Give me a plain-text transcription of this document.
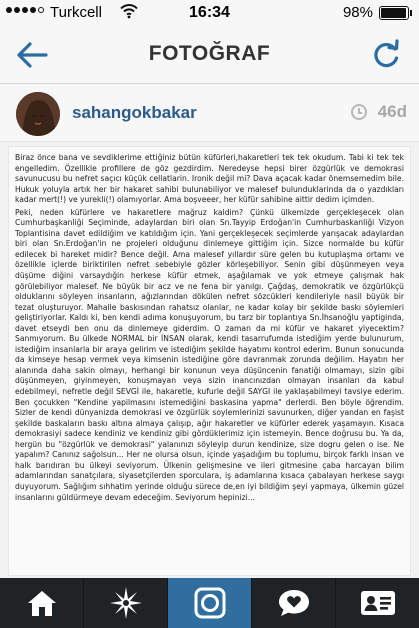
Turkcell	16:34	98%
FOTOĞRAF
sahangokbakar	46d

Biraz önce bana ve sevdiklerime ettiğiniz bütün küfürleri,hakaretleri tek tek okudum. Tabi ki tek tek engelledim. Özellikle profillere de göz gezdirdim. Neredeyse hepsi birer özgürlük ve demokrasi savunucusu bu nefret saçıcı küçük cellatlarin. Ironik değil mi? Dava açacak kadar önemsemedim bile. Hukuk yoluyla artık her bir hakaret sahibi bulunabiliyor ve malesef bulunduklarinda da o yazdıkları kadar mert(!) ve yurekli(!) olamıyorlar. Ama boşveeer, her küfür sahibine aittir dedim içimden.

Peki, neden küfürlere ve hakaretlere mağruz kaldim? Çünkü ülkemizde gerçekleşecek olan Cumhurbaşkanliği Seçiminde, adaylardan biri olan Sn.Tayyip Erdoğan'in Cumhurbaskanliği Vizyon Toplantisina davet edildiğim ve katıldığım için. Yani gerçekleşecek seçimlerde yarışacak adaylardan biri olan Sn.Erdoğan'in ne projeleri olduğunu dinlemeye gittiğim için. Sizce normalde bu küfür edilecek bi hareket midir? Bence değil. Ama malesef yıllardır süre gelen bu kutuplaşma ortamı ve özellikle içlerde biriktirilen nefret sebebiyle gözler körleşebiliyor. Senin gibi düşünmeyen veya düşüme diğini varsaydığin herkese küfür etmek, aşağılamak ve yok etmeye çalışmak hak görülebiliyor malesef. Ne büyük bir acz ve ne fena bir yanılgı. Çağdaş, demokratik ve özgürlükçü olduklarını söyleyen insanların, ağızlarından dökülen nefret sözcükleri kendileriyle nasil büyük bir tezat oluşturuyor. Mahalle baskısından rahatsız olanlar, ne kadar kolay bir şekilde baskı söylemleri geliştiriyorlar. Kaldı ki, ben kendi adıma konuşuyorum, bu tarz bir toplantıya Sn.İhsanoğlu yaptiginda, davet etseydi ben onu da dinlemeye giderdim. O zaman da mi küfür ve hakaret yiyecektim? Sanmıyorum. Bu ülkede NORMAL bir İNSAN olarak, kendi tasarrufumda istediğim yerde bulunurum, istediğim insanlarla bir araya gelirim ve istediğim şekilde hayatımı kontrol ederim. Bunun sonucunda da kimseye hesap vermek veya kimsenin istediğine göre davranmak zorunda değilim. Hayatın her alanında daha sakin olmayı, herhangi bir konunun veya düşüncenin fanatiği olmamayı, sizin gibi düşünmeyen, giyinmeyen, konuşmayan veya sizin inancınızdan olmayan insanları da kabul edebilmeyi, nefretle değil SEVGİ ile, hakaretle, kufurle değil SAYGI ile yaklaşabilmeyi tavsiye ederim. Ben çocukken "Kendine yapilmasını istemediğini baskasina yapma" derlerdi. Ben böyle öğrendim. Sizler de kendi dünyanizda demokrasi ve özgürlük soylemlerinizi savunurken, diğer yandan en faşist şekilde baskaların baskı altına almaya çalışıp, ağır hakaretler ve küfürler ederek yaşamayın. Kısaca demokrasiyi sadece kendiniz ve kendiniz gibi gördüklerimiz için istemeyin. Bence doğrusu bu. Ya da, hergün bu "özgürlük ve demokrasi" yalanınızı söyleyip durun kendinize, size dogru gelen o ise. Ne yapalım? Canınız sağolsun... Her ne olursa olsun, içinde yaşadığım bu toplumu, birçok farklı insan ve halk barıdıran bu ülkeyi seviyorum. Ülkenin gelişmesine ve ileri gitmesine çaba harcayan bilim adamlarından sanatçılara, siyasetçilerden sporculara, iş adamlarına kısaca çabalayan herkese saygı duyuyorum. Sağlığım sıhhatim yerinde olduğu sürece de,en iyi bildiğim şeyi yapmaya, ülkemin güzel insanlarını güldürmeye devam edeceğim. Seviyorum hepinizi...
